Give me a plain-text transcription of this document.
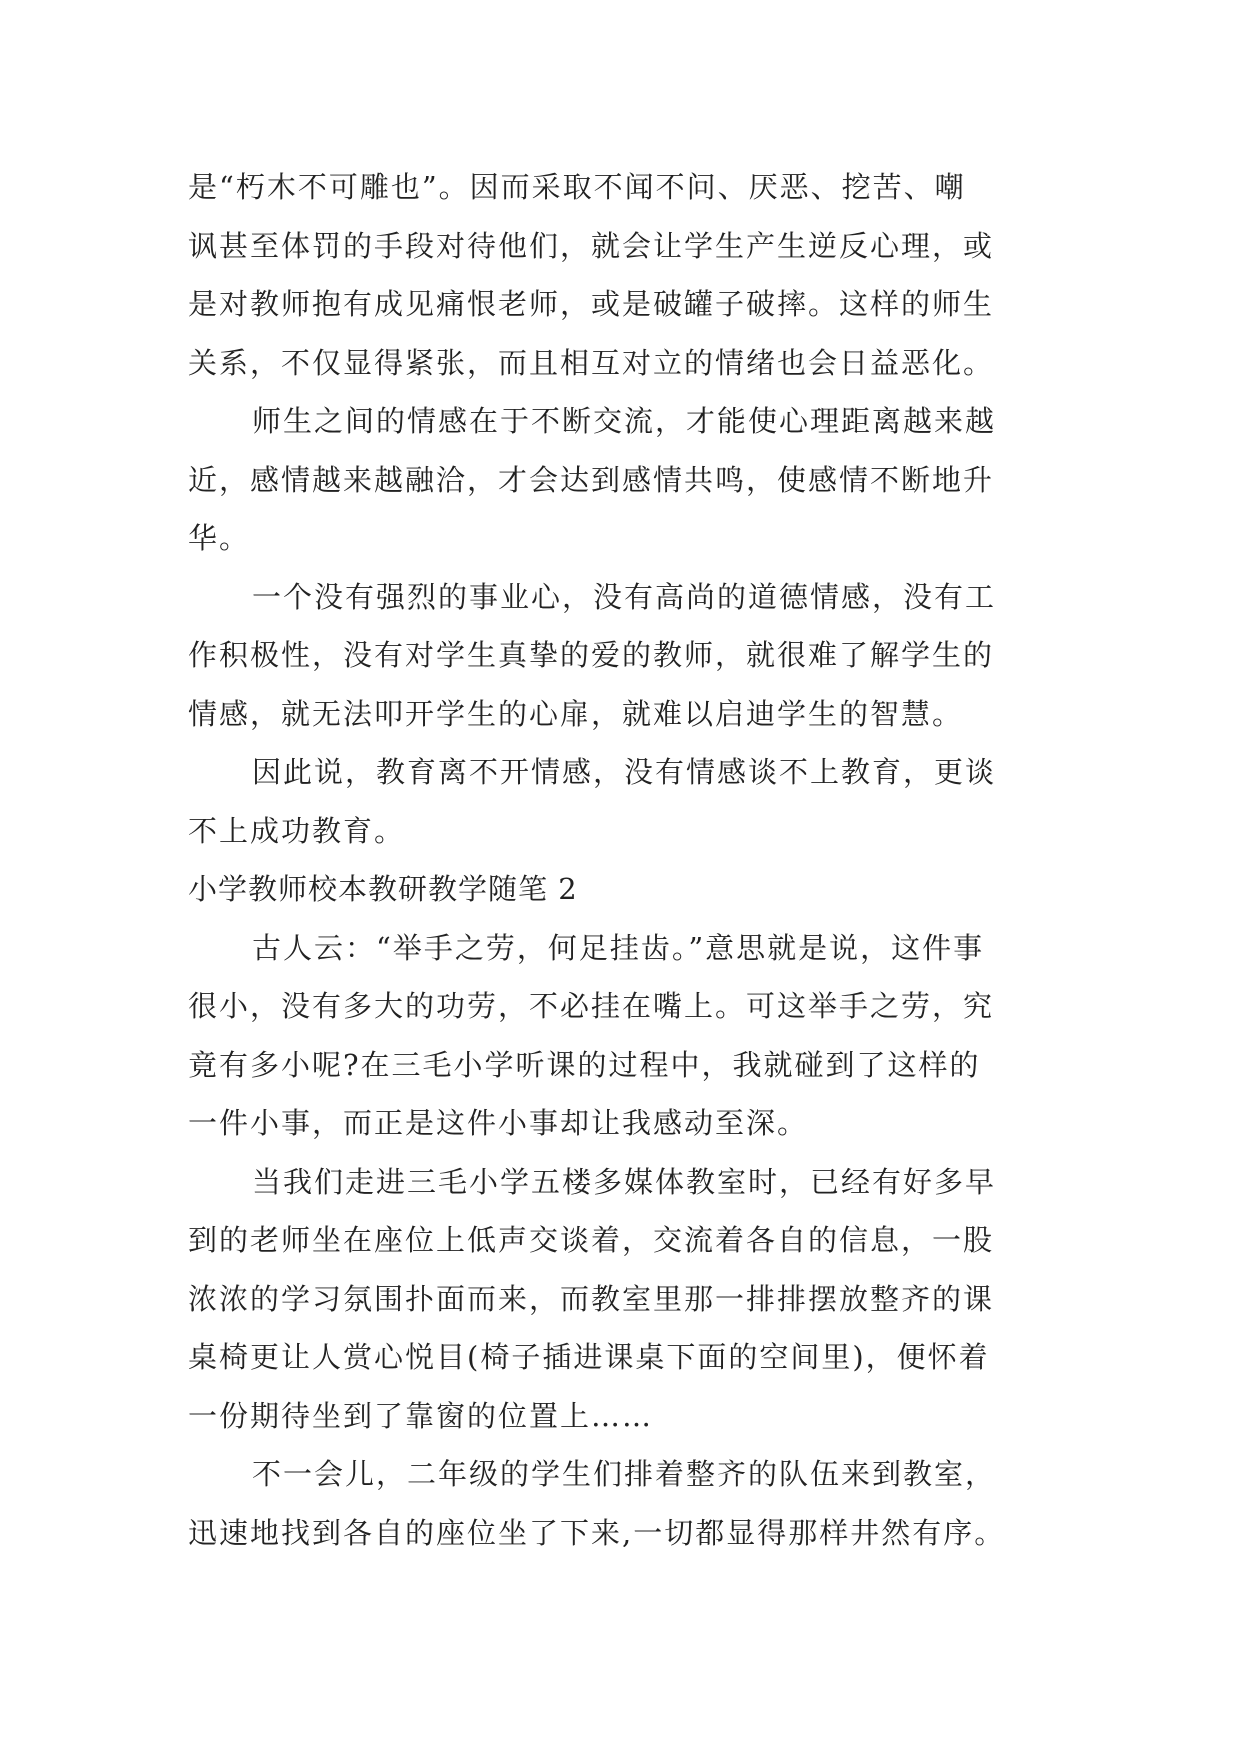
是“朽木不可雕也”。因而采取不闻不问、厌恶、挖苦、嘲
讽甚至体罚的手段对待他们，就会让学生产生逆反心理，或
是对教师抱有成见痛恨老师，或是破罐子破摔。这样的师生
关系，不仅显得紧张，而且相互对立的情绪也会日益恶化。
师生之间的情感在于不断交流，才能使心理距离越来越
近，感情越来越融洽，才会达到感情共鸣，使感情不断地升
华。
一个没有强烈的事业心，没有高尚的道德情感，没有工
作积极性，没有对学生真挚的爱的教师，就很难了解学生的
情感，就无法叩开学生的心扉，就难以启迪学生的智慧。
因此说，教育离不开情感，没有情感谈不上教育，更谈
不上成功教育。
小学教师校本教研教学随笔 2
古人云：“举手之劳，何足挂齿。”意思就是说，这件事
很小，没有多大的功劳，不必挂在嘴上。可这举手之劳，究
竟有多小呢?在三毛小学听课的过程中，我就碰到了这样的
一件小事，而正是这件小事却让我感动至深。
当我们走进三毛小学五楼多媒体教室时，已经有好多早
到的老师坐在座位上低声交谈着，交流着各自的信息，一股
浓浓的学习氛围扑面而来，而教室里那一排排摆放整齐的课
桌椅更让人赏心悦目(椅子插进课桌下面的空间里)，便怀着
一份期待坐到了靠窗的位置上……
不一会儿，二年级的学生们排着整齐的队伍来到教室，
迅速地找到各自的座位坐了下来,一切都显得那样井然有序。
